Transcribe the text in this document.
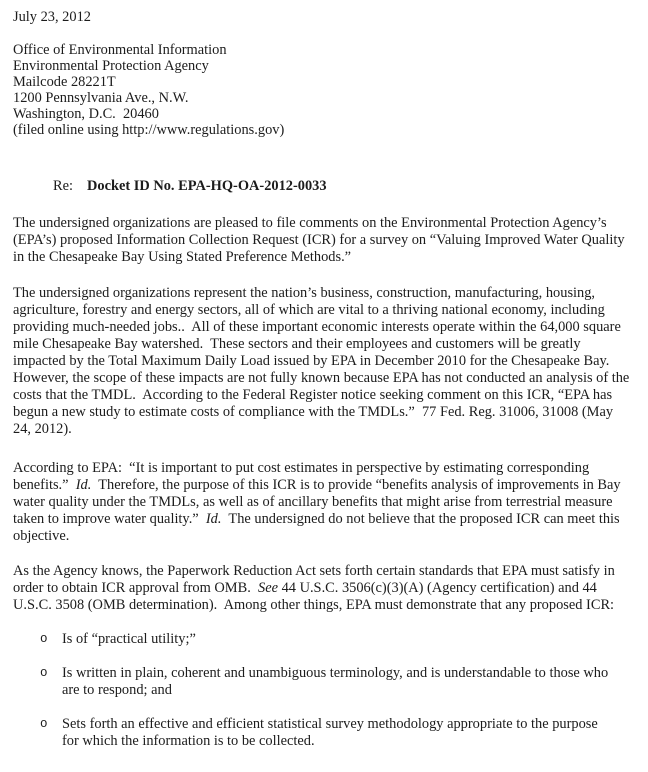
July 23, 2012
Office of Environmental Information
Environmental Protection Agency
Mailcode 28221T
1200 Pennsylvania Ave., N.W.
Washington, D.C.  20460
(filed online using http://www.regulations.gov)
Re: Docket ID No. EPA-HQ-OA-2012-0033

The undersigned organizations are pleased to file comments on the Environmental Protection Agency’s (EPA’s) proposed Information Collection Request (ICR) for a survey on “Valuing Improved Water Quality in the Chesapeake Bay Using Stated Preference Methods.”

The undersigned organizations represent the nation’s business, construction, manufacturing, housing, agriculture, forestry and energy sectors, all of which are vital to a thriving national economy, including providing much-needed jobs..  All of these important economic interests operate within the 64,000 square mile Chesapeake Bay watershed.  These sectors and their employees and customers will be greatly impacted by the Total Maximum Daily Load issued by EPA in December 2010 for the Chesapeake Bay.  However, the scope of these impacts are not fully known because EPA has not conducted an analysis of the costs that the TMDL.  According to the Federal Register notice seeking comment on this ICR, “EPA has begun a new study to estimate costs of compliance with the TMDLs.”  77 Fed. Reg. 31006, 31008 (May 24, 2012).

According to EPA:  “It is important to put cost estimates in perspective by estimating corresponding benefits.”  Id.  Therefore, the purpose of this ICR is to provide “benefits analysis of improvements in Bay water quality under the TMDLs, as well as of ancillary benefits that might arise from terrestrial measure taken to improve water quality.”  Id.  The undersigned do not believe that the proposed ICR can meet this objective.

As the Agency knows, the Paperwork Reduction Act sets forth certain standards that EPA must satisfy in order to obtain ICR approval from OMB.  See 44 U.S.C. 3506(c)(3)(A) (Agency certification) and 44 U.S.C. 3508 (OMB determination).  Among other things, EPA must demonstrate that any proposed ICR:

o Is of “practical utility;”
o Is written in plain, coherent and unambiguous terminology, and is understandable to those who are to respond; and
o Sets forth an effective and efficient statistical survey methodology appropriate to the purpose for which the information is to be collected.
